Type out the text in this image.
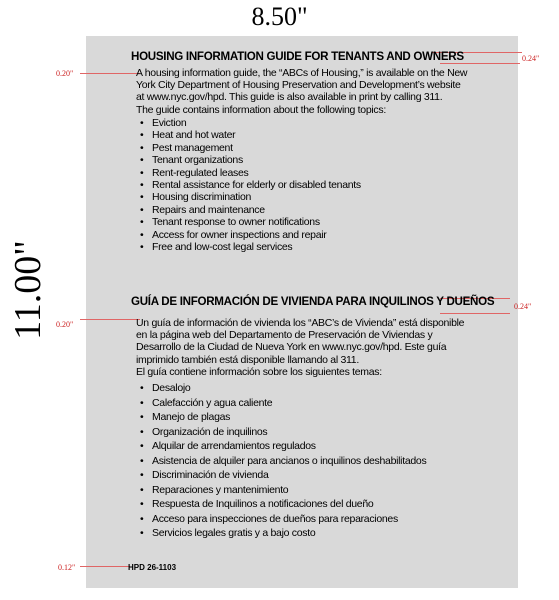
8.50"
11.00"
0.24"
0.20"
0.24"
0.20"
0.12"
HOUSING INFORMATION GUIDE FOR TENANTS AND OWNERS

A housing information guide, the “ABCs of Housing,” is available on the New
York City Department of Housing Preservation and Development’s website
at www.nyc.gov/hpd. This guide is also available in print by calling 311.
The guide contains information about the following topics:

• Eviction
• Heat and hot water
• Pest management
• Tenant organizations
• Rent-regulated leases
• Rental assistance for elderly or disabled tenants
• Housing discrimination
• Repairs and maintenance
• Tenant response to owner notifications
• Access for owner inspections and repair
• Free and low-cost legal services
GUÍA DE INFORMACIÓN DE VIVIENDA PARA INQUILINOS Y DUEÑOS

Un guía de información de vivienda los “ABC’s de Vivienda” está disponible
en la página web del Departamento de Preservación de Viviendas y
Desarrollo de la Ciudad de Nueva York en www.nyc.gov/hpd. Este guía
imprimido también está disponible llamando al 311.
El guía contiene información sobre los siguientes temas:

• Desalojo
• Calefacción y agua caliente
• Manejo de plagas
• Organización de inquilinos
• Alquilar de arrendamientos regulados
• Asistencia de alquiler para ancianos o inquilinos deshabilitados
• Discriminación de vivienda
• Reparaciones y mantenimiento
• Respuesta de Inquilinos a notificaciones del dueño
• Acceso para inspecciones de dueños para reparaciones
• Servicios legales gratis y a bajo costo
HPD 26-1103
